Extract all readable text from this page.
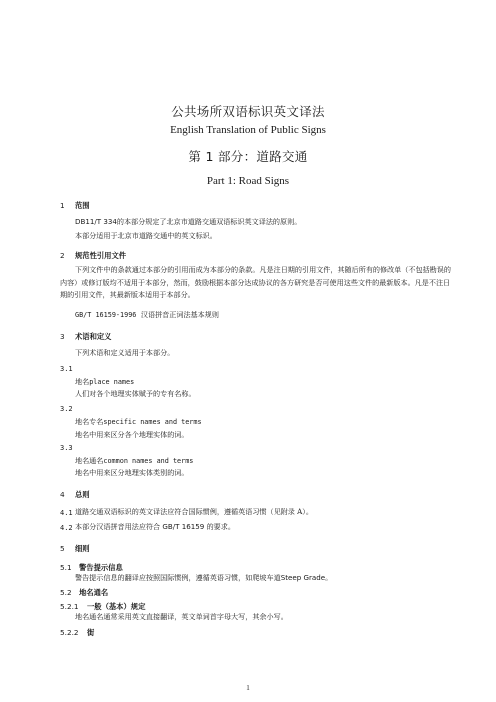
公共场所双语标识英文译法
English Translation of Public Signs
第 1 部分：道路交通
Part 1: Road Signs
1 范围
DB11/T 334的本部分规定了北京市道路交通双语标识英文译法的原则。
本部分适用于北京市道路交通中的英文标识。
2 规范性引用文件
下列文件中的条款通过本部分的引用而成为本部分的条款。凡是注日期的引用文件，其随后所有的修改单（不包括勘误的内容）或修订版均不适用于本部分，然而，鼓励根据本部分达成协议的各方研究是否可使用这些文件的最新版本。凡是不注日期的引用文件，其最新版本适用于本部分。
GB/T 16159-1996 汉语拼音正词法基本规则
3 术语和定义
下列术语和定义适用于本部分。
3.1
地名place names
人们对各个地理实体赋予的专有名称。
3.2
地名专名specific names and terms
地名中用来区分各个地理实体的词。
3.3
地名通名common names and terms
地名中用来区分地理实体类别的词。
4 总则
4.1 道路交通双语标识的英文译法应符合国际惯例，遵循英语习惯（见附录 A）。
4.2 本部分汉语拼音用法应符合 GB/T 16159 的要求。
5 细则
5.1 警告提示信息
警告提示信息的翻译应按照国际惯例，遵循英语习惯，如爬坡车道Steep Grade。
5.2 地名通名
5.2.1 一般（基本）规定
地名通名通常采用英文直接翻译，英文单词首字母大写，其余小写。
5.2.2 街
1
